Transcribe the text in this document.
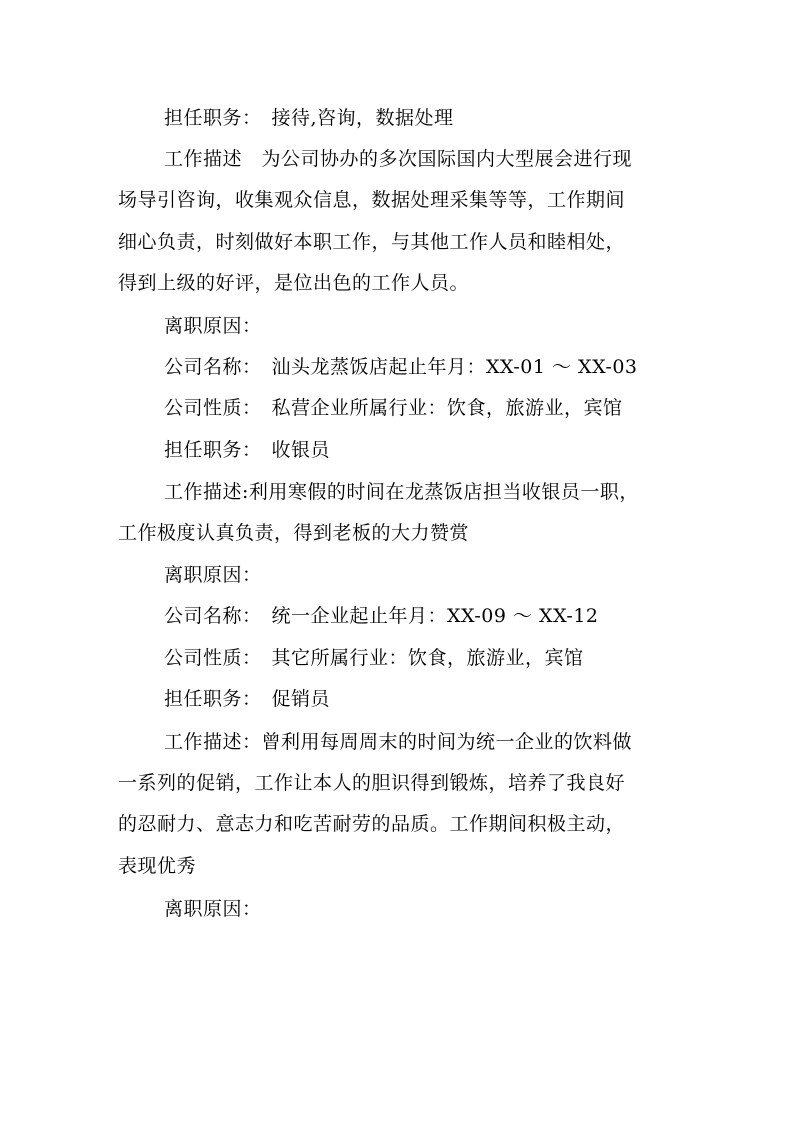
担任职务：　接待,咨询，数据处理
工作描述　为公司协办的多次国际国内大型展会进行现
场导引咨询，收集观众信息，数据处理采集等等，工作期间
细心负责，时刻做好本职工作，与其他工作人员和睦相处，
得到上级的好评，是位出色的工作人员。
离职原因：
公司名称：　汕头龙蒸饭店起止年月：XX-01 ～ XX-03
公司性质：　私营企业所属行业：饮食，旅游业，宾馆
担任职务：　收银员
工作描述:利用寒假的时间在龙蒸饭店担当收银员一职，
工作极度认真负责，得到老板的大力赞赏
离职原因：
公司名称：　统一企业起止年月：XX-09 ～ XX-12
公司性质：　其它所属行业：饮食，旅游业，宾馆
担任职务：　促销员
工作描述：曾利用每周周末的时间为统一企业的饮料做
一系列的促销，工作让本人的胆识得到锻炼，培养了我良好
的忍耐力、意志力和吃苦耐劳的品质。工作期间积极主动，
表现优秀
离职原因：
